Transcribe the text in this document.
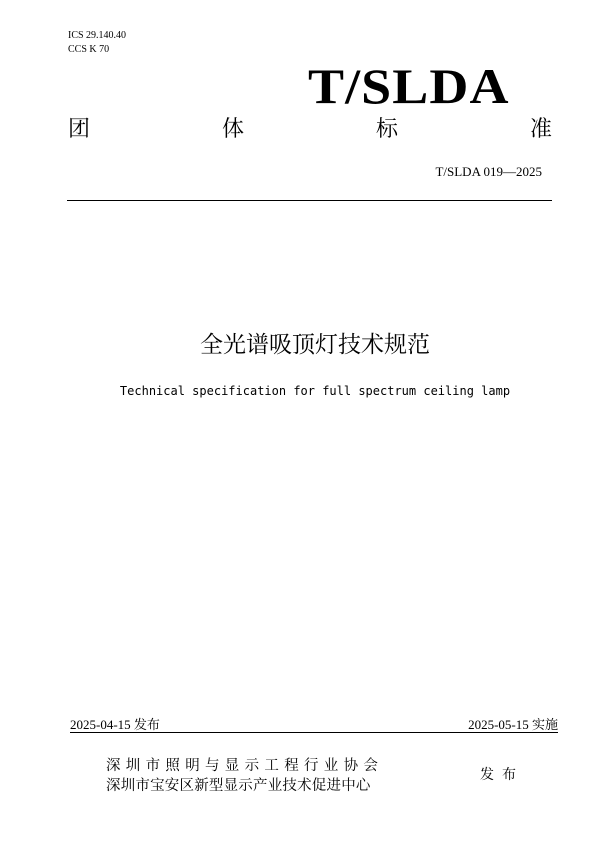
ICS 29.140.40
CCS K 70
T/SLDA
团	体	标	准
T/SLDA 019—2025
全光谱吸顶灯技术规范
Technical specification for full spectrum ceiling lamp
2025-04-15 发布	2025-05-15 实施
深圳市照明与显示工程行业协会
深圳市宝安区新型显示产业技术促进中心
发布
